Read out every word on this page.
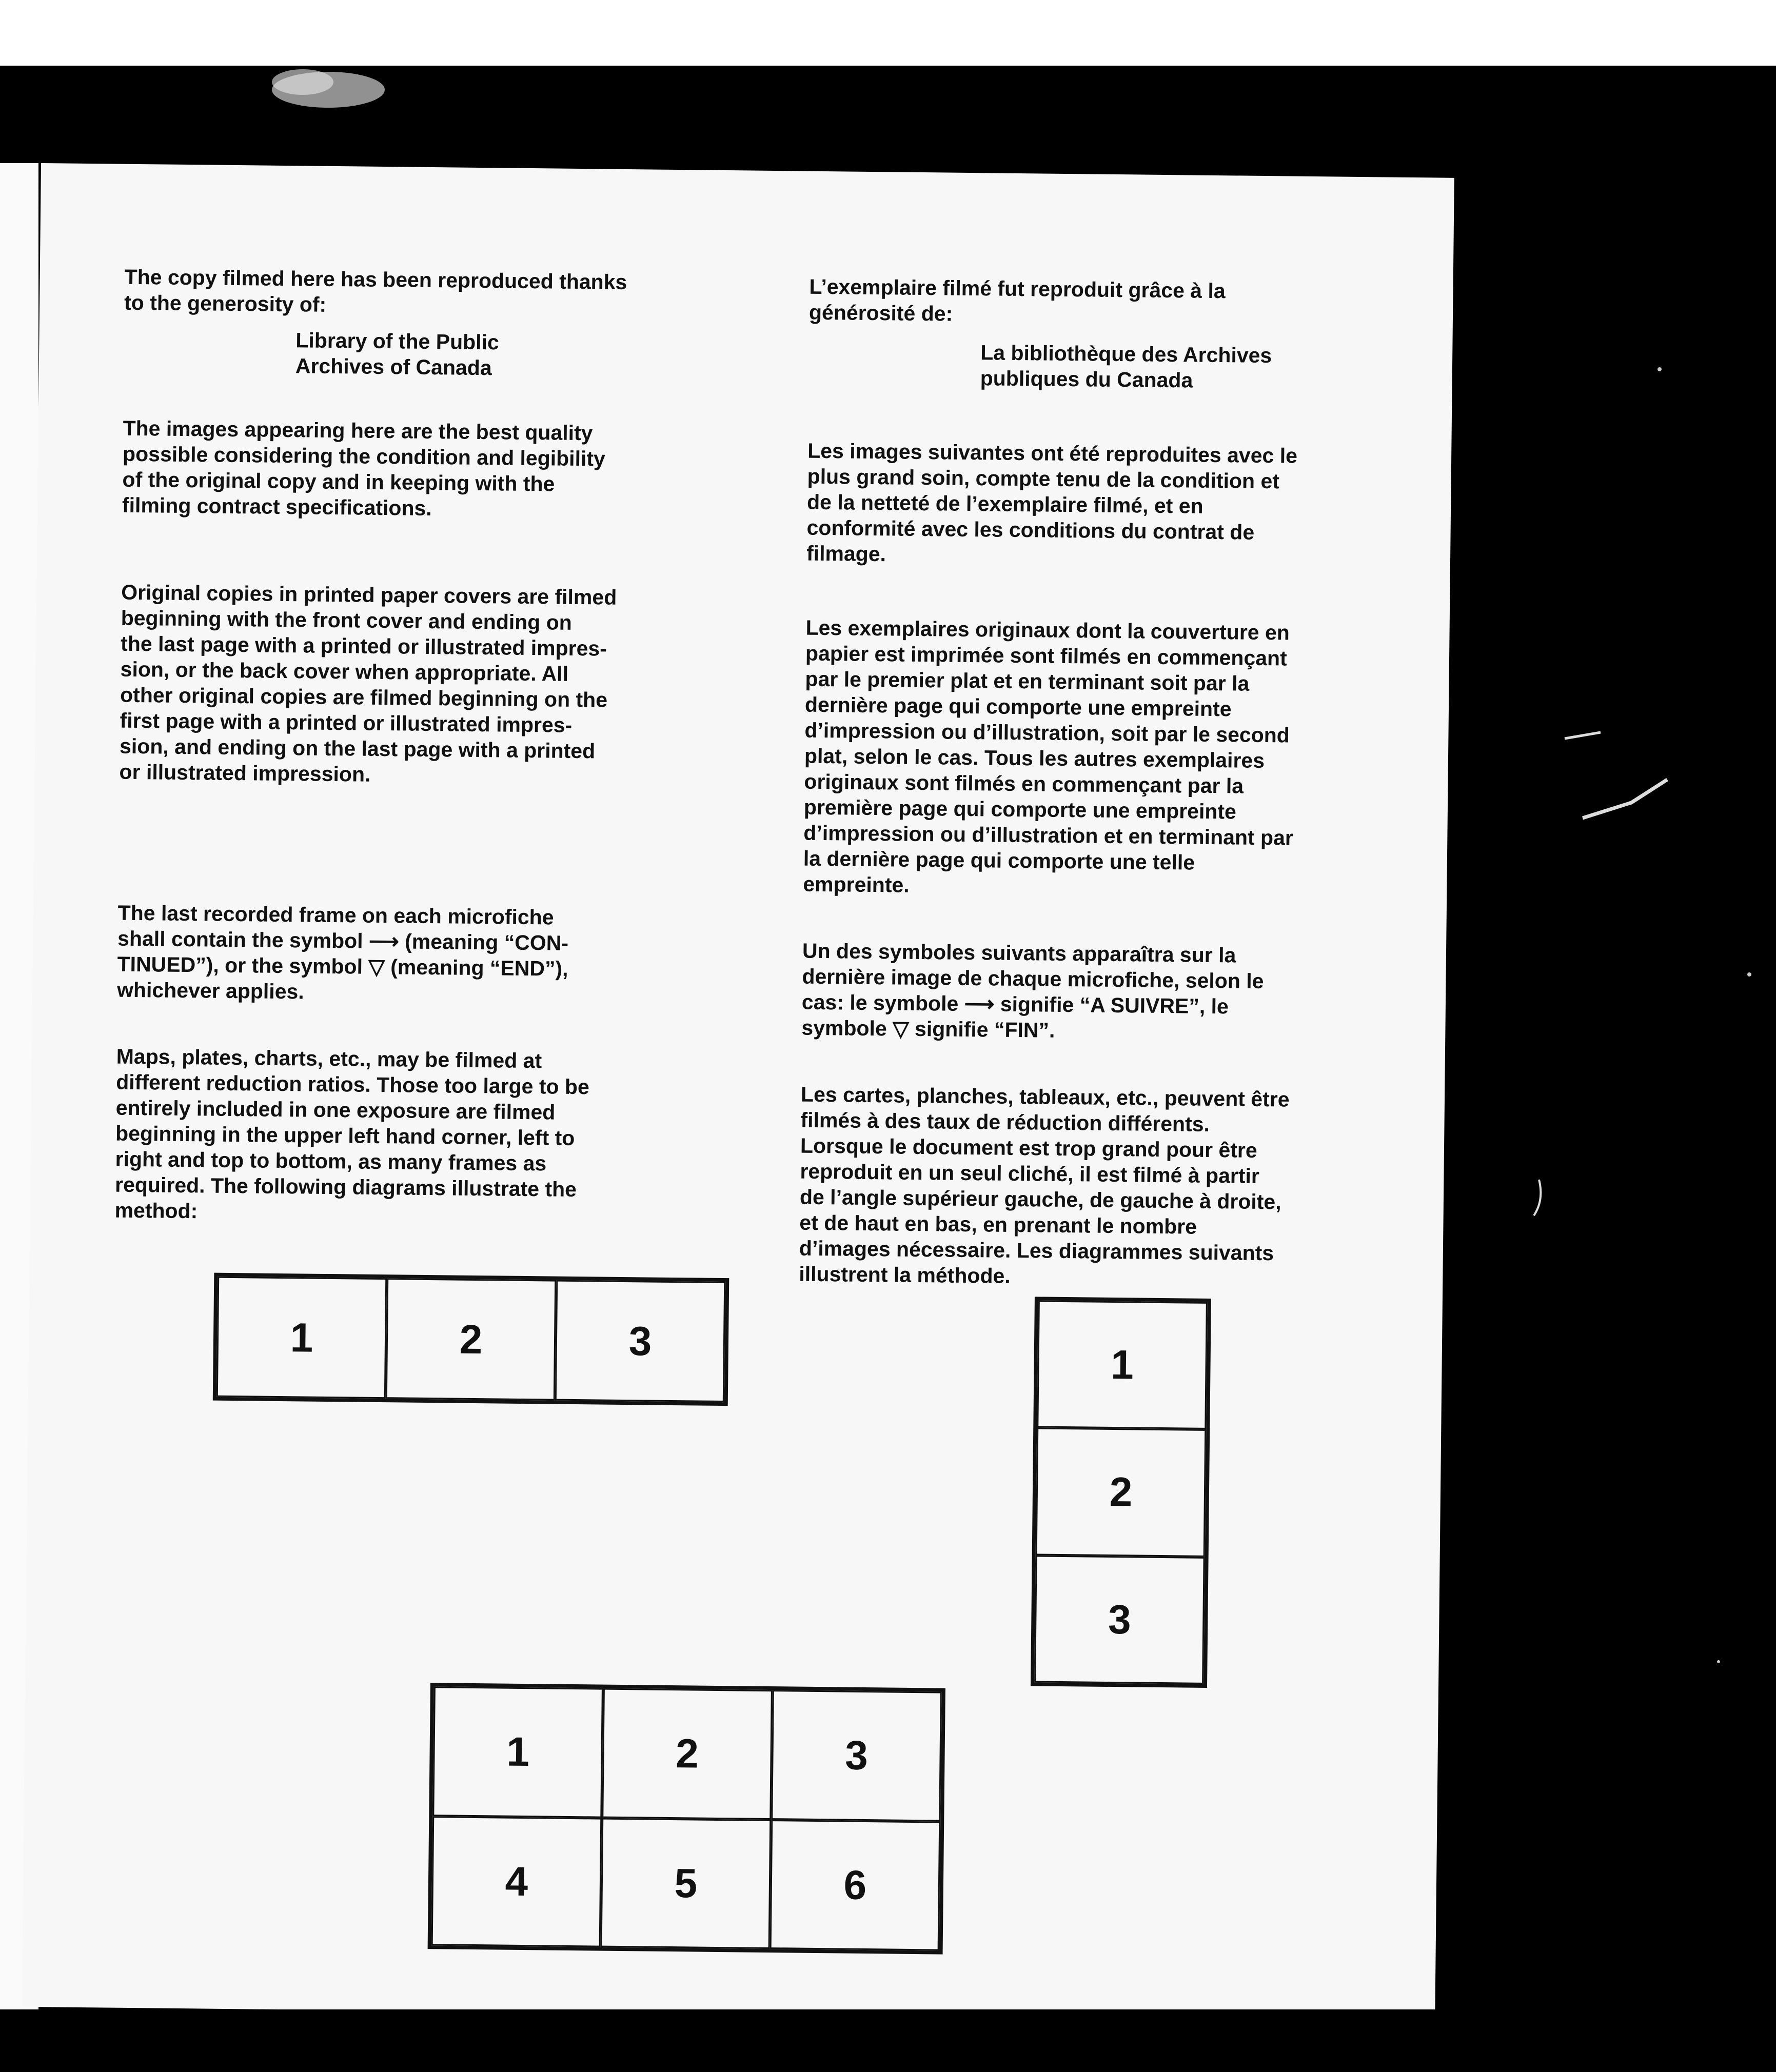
The copy filmed here has been reproduced thanks
to the generosity of:

Library of the Public
Archives of Canada

The images appearing here are the best quality
possible considering the condition and legibility
of the original copy and in keeping with the
filming contract specifications.

Original copies in printed paper covers are filmed
beginning with the front cover and ending on
the last page with a printed or illustrated impres-
sion, or the back cover when appropriate. All
other original copies are filmed beginning on the
first page with a printed or illustrated impres-
sion, and ending on the last page with a printed
or illustrated impression.

The last recorded frame on each microfiche
shall contain the symbol ⟶ (meaning “CON-
TINUED”), or the symbol ▽ (meaning “END”),
whichever applies.

Maps, plates, charts, etc., may be filmed at
different reduction ratios. Those too large to be
entirely included in one exposure are filmed
beginning in the upper left hand corner, left to
right and top to bottom, as many frames as
required. The following diagrams illustrate the
method:

L’exemplaire filmé fut reproduit grâce à la
générosité de:

La bibliothèque des Archives
publiques du Canada

Les images suivantes ont été reproduites avec le
plus grand soin, compte tenu de la condition et
de la netteté de l’exemplaire filmé, et en
conformité avec les conditions du contrat de
filmage.

Les exemplaires originaux dont la couverture en
papier est imprimée sont filmés en commençant
par le premier plat et en terminant soit par la
dernière page qui comporte une empreinte
d’impression ou d’illustration, soit par le second
plat, selon le cas. Tous les autres exemplaires
originaux sont filmés en commençant par la
première page qui comporte une empreinte
d’impression ou d’illustration et en terminant par
la dernière page qui comporte une telle
empreinte.

Un des symboles suivants apparaîtra sur la
dernière image de chaque microfiche, selon le
cas: le symbole ⟶ signifie “A SUIVRE”, le
symbole ▽ signifie “FIN”.

Les cartes, planches, tableaux, etc., peuvent être
filmés à des taux de réduction différents.
Lorsque le document est trop grand pour être
reproduit en un seul cliché, il est filmé à partir
de l’angle supérieur gauche, de gauche à droite,
et de haut en bas, en prenant le nombre
d’images nécessaire. Les diagrammes suivants
illustrent la méthode.

1	2	3
1
2
3
1	2	3
4	5	6
